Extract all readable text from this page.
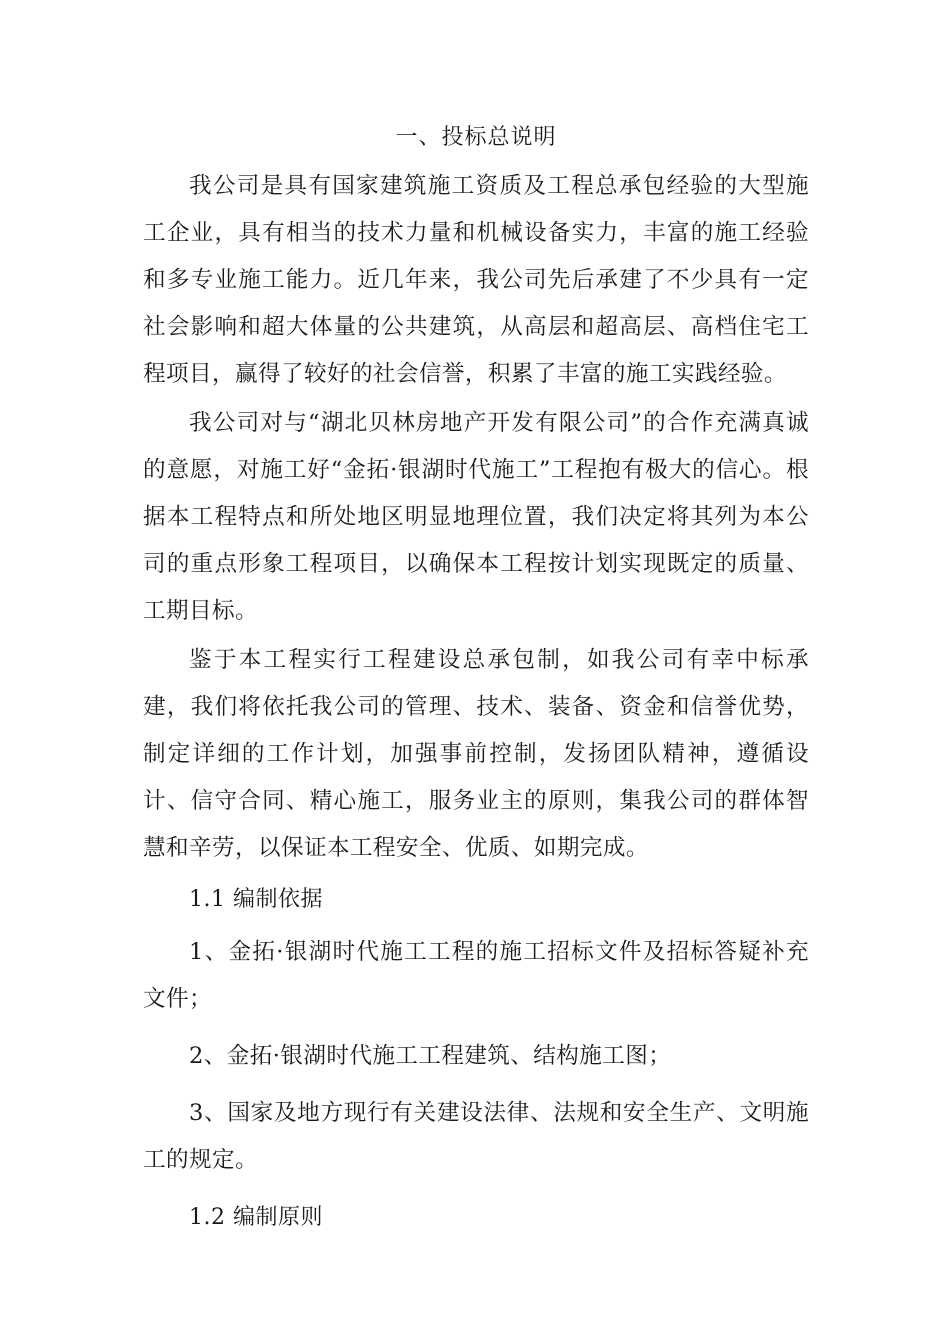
一、投标总说明

我公司是具有国家建筑施工资质及工程总承包经验的大型施工企业，具有相当的技术力量和机械设备实力，丰富的施工经验和多专业施工能力。近几年来，我公司先后承建了不少具有一定社会影响和超大体量的公共建筑，从高层和超高层、高档住宅工程项目，赢得了较好的社会信誉，积累了丰富的施工实践经验。

我公司对与“湖北贝林房地产开发有限公司”的合作充满真诚的意愿，对施工好“金拓·银湖时代施工”工程抱有极大的信心。根据本工程特点和所处地区明显地理位置，我们决定将其列为本公司的重点形象工程项目，以确保本工程按计划实现既定的质量、工期目标。

鉴于本工程实行工程建设总承包制，如我公司有幸中标承建，我们将依托我公司的管理、技术、装备、资金和信誉优势，制定详细的工作计划，加强事前控制，发扬团队精神，遵循设计、信守合同、精心施工，服务业主的原则，集我公司的群体智慧和辛劳，以保证本工程安全、优质、如期完成。

1.1 编制依据

1、金拓·银湖时代施工工程的施工招标文件及招标答疑补充文件；

2、金拓·银湖时代施工工程建筑、结构施工图；

3、国家及地方现行有关建设法律、法规和安全生产、文明施工的规定。

1.2 编制原则
